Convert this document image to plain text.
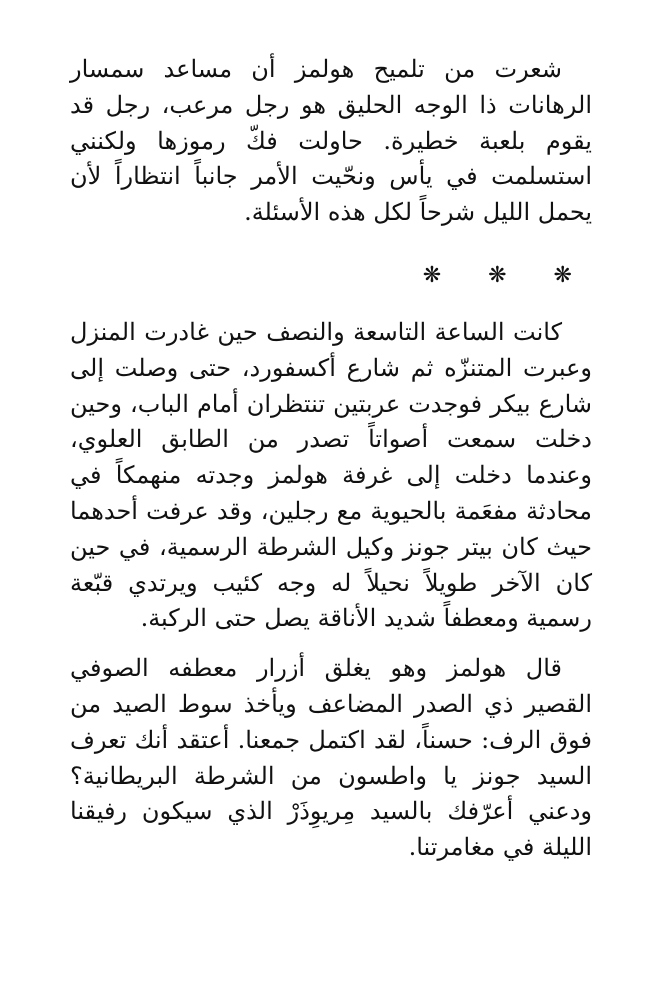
شعرت من تلميح هولمز أن مساعد سمسار الرهانات ذا الوجه الحليق هو رجل مرعب، رجل قد يقوم بلعبة خطيرة. حاولت فكّ رموزها ولكنني استسلمت في يأس ونحّيت الأمر جانباً انتظاراً لأن يحمل الليل شرحاً لكل هذه الأسئلة.

❋ ❋ ❋

كانت الساعة التاسعة والنصف حين غادرت المنزل وعبرت المتنزّه ثم شارع أكسفورد، حتى وصلت إلى شارع بيكر فوجدت عربتين تنتظران أمام الباب، وحين دخلت سمعت أصواتاً تصدر من الطابق العلوي، وعندما دخلت إلى غرفة هولمز وجدته منهمكاً في محادثة مفعَمة بالحيوية مع رجلين، وقد عرفت أحدهما حيث كان بيتر جونز وكيل الشرطة الرسمية، في حين كان الآخر طويلاً نحيلاً له وجه كئيب ويرتدي قبّعة رسمية ومعطفاً شديد الأناقة يصل حتى الركبة.

قال هولمز وهو يغلق أزرار معطفه الصوفي القصير ذي الصدر المضاعف ويأخذ سوط الصيد من فوق الرف: حسناً، لقد اكتمل جمعنا. أعتقد أنك تعرف السيد جونز يا واطسون من الشرطة البريطانية؟ ودعني أعرّفك بالسيد مِريوِذَرْ الذي سيكون رفيقنا الليلة في مغامرتنا.
